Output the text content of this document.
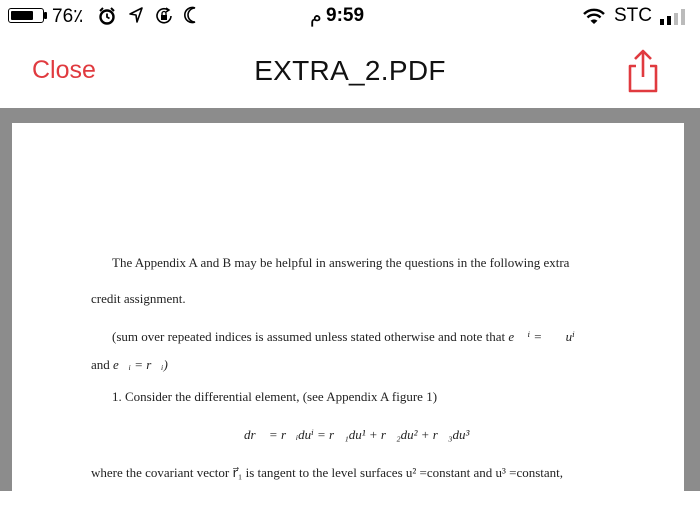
76٪	م 9:59	STC
Close	EXTRA_2.PDF
The Appendix A and B may be helpful in answering the questions in the following extra
credit assignment.
(sum over repeated indices is assumed unless stated otherwise and note that e⃗ ⁱ = ∇⃗uⁱ
and e⃗ᵢ = r⃗ᵢ)
1. Consider the differential element, (see Appendix A figure 1)
dr⃗ = r⃗ᵢduⁱ = r⃗₁du¹ + r⃗₂du² + r⃗₃du³
where the covariant vector r⃗₁ is tangent to the level surfaces u² =constant and u³ =constant,
